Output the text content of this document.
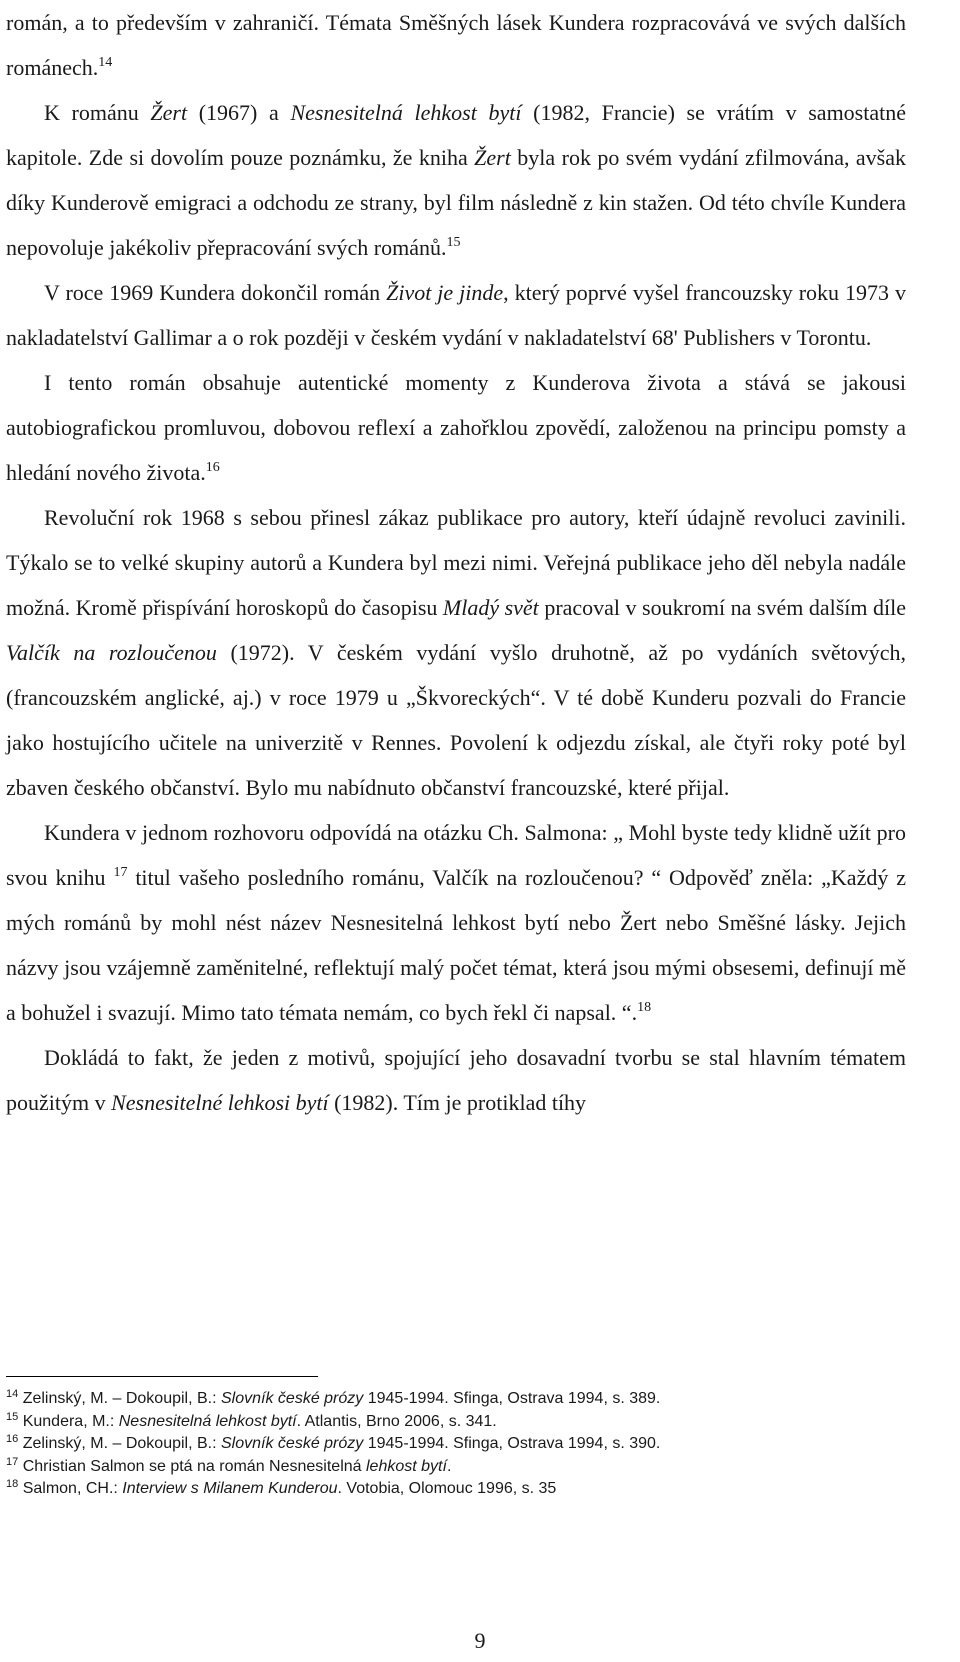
román, a to především v zahraničí. Témata Směšných lásek Kundera rozpracovává ve svých dalších románech.$^{14}$

K románu Žert (1967) a Nesnesitelná lehkost bytí (1982, Francie) se vrátím v samostatné kapitole. Zde si dovolím pouze poznámku, že kniha Žert byla rok po svém vydání zfilmována, avšak díky Kunderově emigraci a odchodu ze strany, byl film následně z kin stažen. Od této chvíle Kundera nepovoluje jakékoliv přepracování svých románů.$^{15}$

V roce 1969 Kundera dokončil román Život je jinde, který poprvé vyšel francouzsky roku 1973 v nakladatelství Gallimar a o rok později v českém vydání v nakladatelství 68' Publishers v Torontu.

I tento román obsahuje autentické momenty z Kunderova života a stává se jakousi autobiografickou promluvou, dobovou reflexí a zahořklou zpovědí, založenou na principu pomsty a hledání nového života.$^{16}$

Revoluční rok 1968 s sebou přinesl zákaz publikace pro autory, kteří údajně revoluci zavinili. Týkalo se to velké skupiny autorů a Kundera byl mezi nimi. Veřejná publikace jeho děl nebyla nadále možná. Kromě přispívání horoskopů do časopisu Mladý svět pracoval v soukromí na svém dalším díle Valčík na rozloučenou (1972). V českém vydání vyšlo druhotně, až po vydáních světových, (francouzském anglické, aj.) v roce 1979 u „Škvoreckých“. V té době Kunderu pozvali do Francie jako hostujícího učitele na univerzitě v Rennes. Povolení k odjezdu získal, ale čtyři roky poté byl zbaven českého občanství. Bylo mu nabídnuto občanství francouzské, které přijal.

Kundera v jednom rozhovoru odpovídá na otázku Ch. Salmona: „ Mohl byste tedy klidně užít pro svou knihu $^{17}$ titul vašeho posledního románu, Valčík na rozloučenou? “ Odpověď zněla: „Každý z mých románů by mohl nést název Nesnesitelná lehkost bytí nebo Žert nebo Směšné lásky. Jejich názvy jsou vzájemně zaměnitelné, reflektují malý počet témat, která jsou mými obsesemi, definují mě a bohužel i svazují. Mimo tato témata nemám, co bych řekl či napsal. “.$^{18}$

Dokládá to fakt, že jeden z motivů, spojující jeho dosavadní tvorbu se stal hlavním tématem použitým v Nesnesitelné lehkosi bytí (1982). Tím je protiklad tíhy

$^{14}$ Zelinský, M. – Dokoupil, B.: Slovník české prózy 1945-1994. Sfinga, Ostrava 1994, s. 389.
$^{15}$ Kundera, M.: Nesnesitelná lehkost bytí. Atlantis, Brno 2006, s. 341.
$^{16}$ Zelinský, M. – Dokoupil, B.: Slovník české prózy 1945-1994. Sfinga, Ostrava 1994, s. 390.
$^{17}$ Christian Salmon se ptá na román Nesnesitelná lehkost bytí.
$^{18}$ Salmon, CH.: Interview s Milanem Kunderou. Votobia, Olomouc 1996, s. 35
9
